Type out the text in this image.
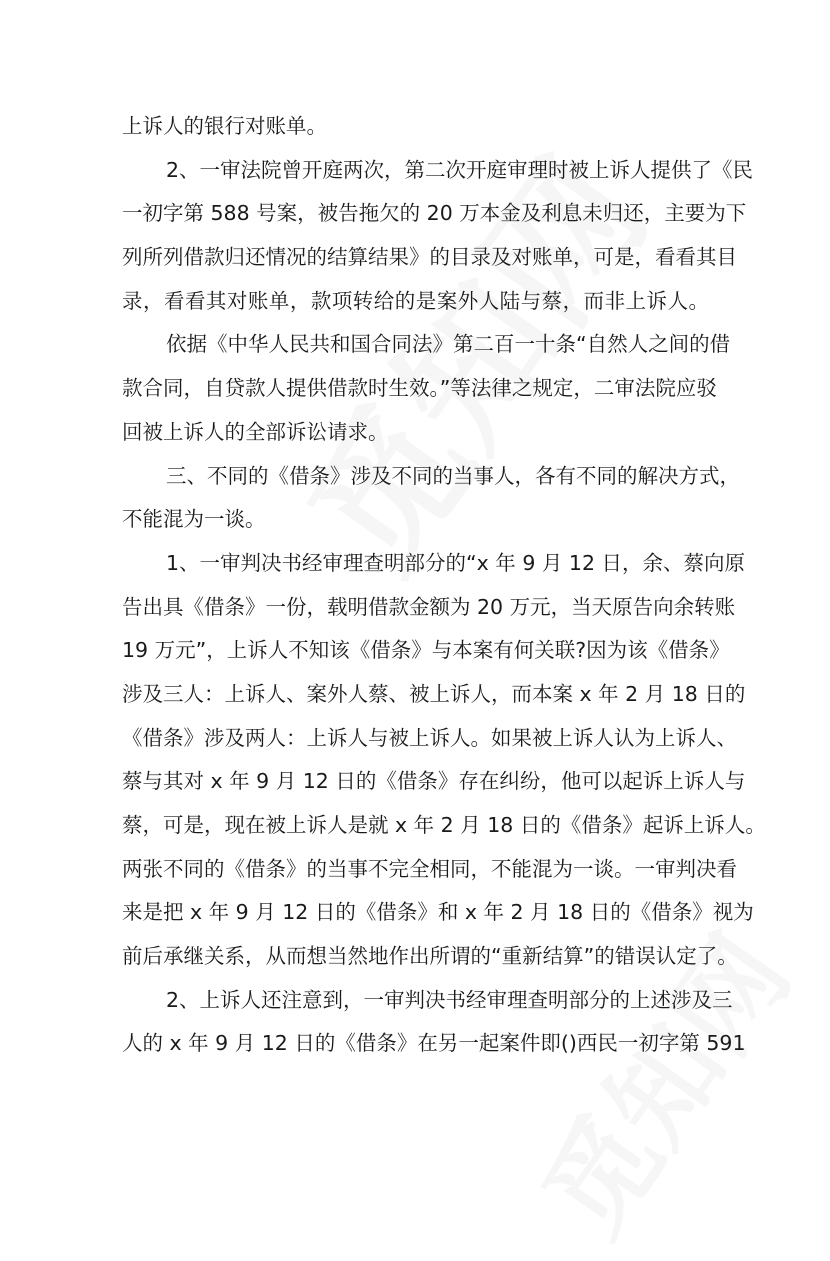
上诉人的银行对账单。
2、一审法院曾开庭两次，第二次开庭审理时被上诉人提供了《民
一初字第 588 号案，被告拖欠的 20 万本金及利息未归还，主要为下
列所列借款归还情况的结算结果》的目录及对账单，可是，看看其目
录，看看其对账单，款项转给的是案外人陆与蔡，而非上诉人。
依据《中华人民共和国合同法》第二百一十条“自然人之间的借
款合同，自贷款人提供借款时生效。”等法律之规定，二审法院应驳
回被上诉人的全部诉讼请求。
三、不同的《借条》涉及不同的当事人，各有不同的解决方式，
不能混为一谈。
1、一审判决书经审理查明部分的“x 年 9 月 12 日，余、蔡向原
告出具《借条》一份，载明借款金额为 20 万元，当天原告向余转账
19 万元”，上诉人不知该《借条》与本案有何关联?因为该《借条》
涉及三人：上诉人、案外人蔡、被上诉人，而本案 x 年 2 月 18 日的
《借条》涉及两人：上诉人与被上诉人。如果被上诉人认为上诉人、
蔡与其对 x 年 9 月 12 日的《借条》存在纠纷，他可以起诉上诉人与
蔡，可是，现在被上诉人是就 x 年 2 月 18 日的《借条》起诉上诉人。
两张不同的《借条》的当事不完全相同，不能混为一谈。一审判决看
来是把 x 年 9 月 12 日的《借条》和 x 年 2 月 18 日的《借条》视为
前后承继关系，从而想当然地作出所谓的“重新结算”的错误认定了。
2、上诉人还注意到，一审判决书经审理查明部分的上述涉及三
人的 x 年 9 月 12 日的《借条》在另一起案件即()西民一初字第 591
